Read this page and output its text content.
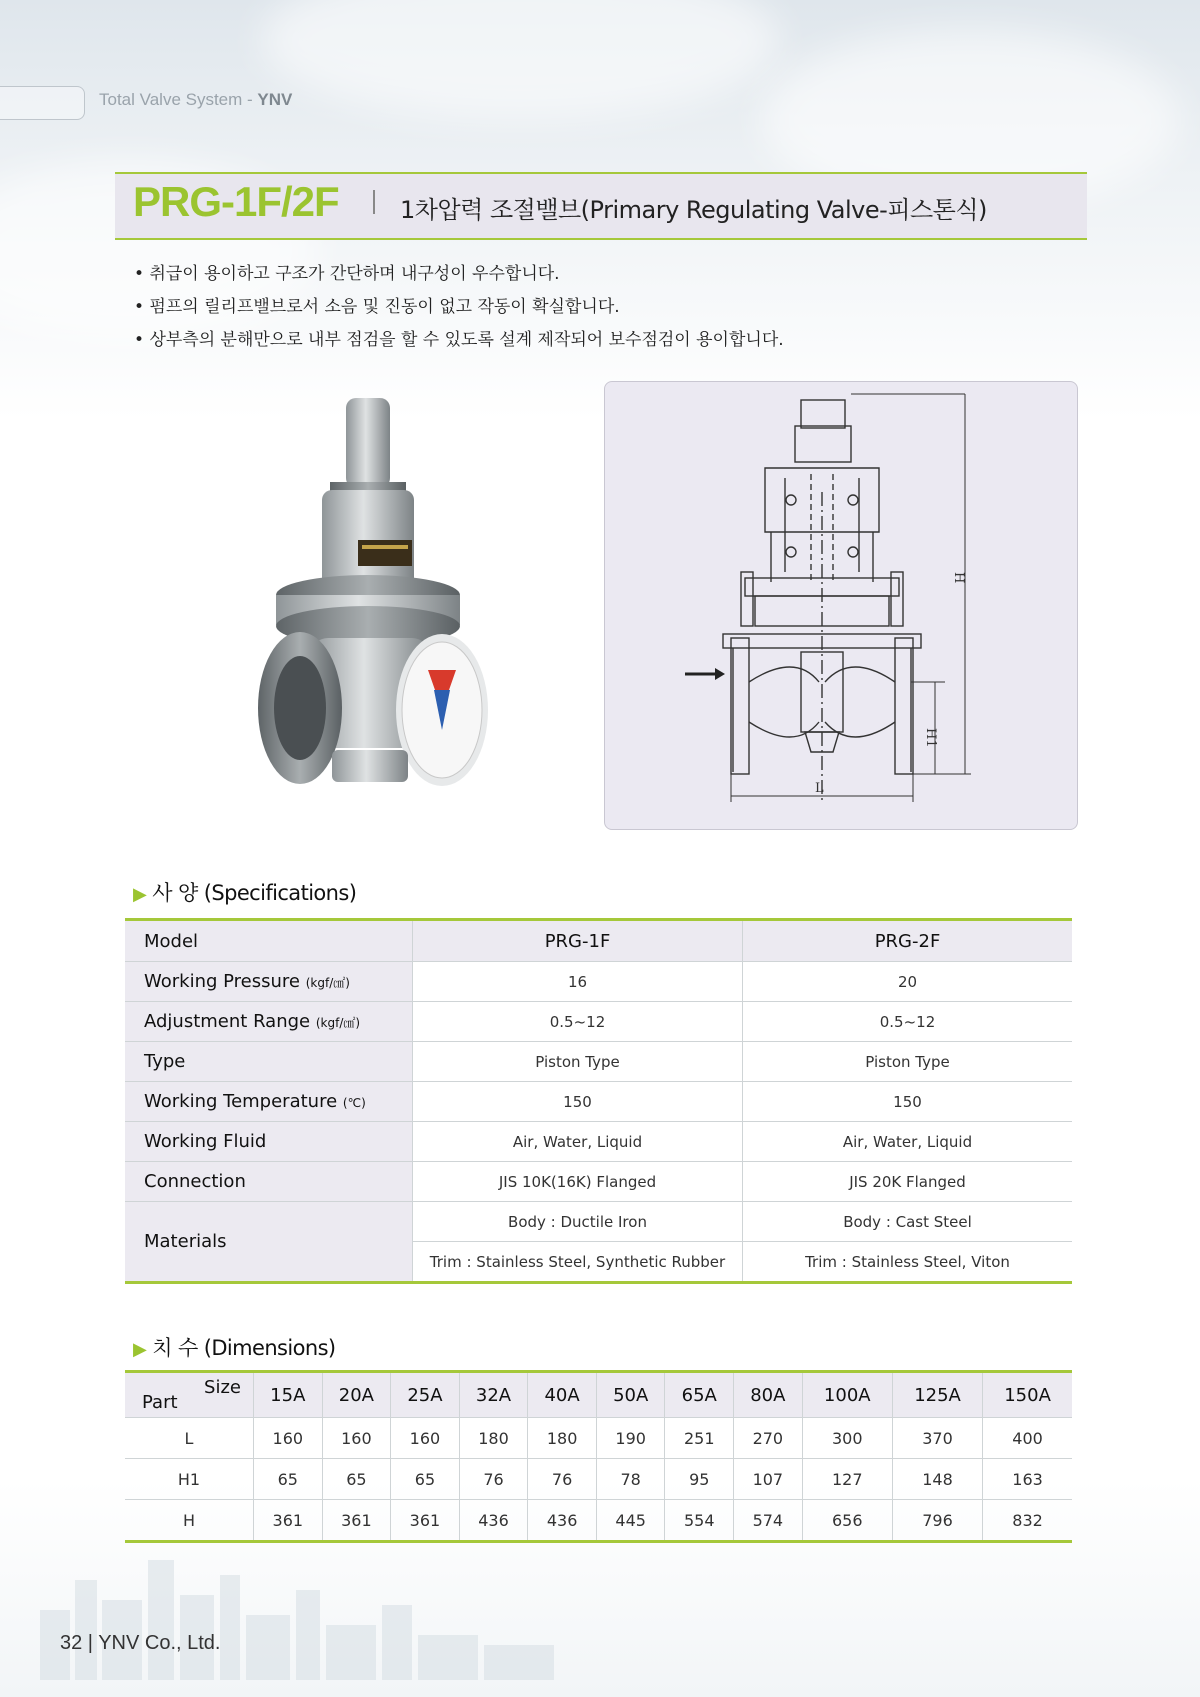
Total Valve System - YNV
PRG-1F/2F	1차압력 조절밸브(Primary Regulating Valve-피스톤식)
• 취급이 용이하고 구조가 간단하며 내구성이 우수합니다.
• 펌프의 릴리프밸브로서 소음 및 진동이 없고 작동이 확실합니다.
• 상부측의 분해만으로 내부 점검을 할 수 있도록 설계 제작되어 보수점검이 용이합니다.
H
H1
L
▶ 사 양 (Specifications)
Model	PRG-1F	PRG-2F
Working Pressure (kgf/㎠)	16	20
Adjustment Range (kgf/㎠)	0.5~12	0.5~12
Type	Piston Type	Piston Type
Working Temperature (℃)	150	150
Working Fluid	Air, Water, Liquid	Air, Water, Liquid
Connection	JIS 10K(16K) Flanged	JIS 20K Flanged
Materials	Body : Ductile Iron	Body : Cast Steel
	Trim : Stainless Steel, Synthetic Rubber	Trim : Stainless Steel, Viton
▶ 치 수 (Dimensions)
Size
Part	15A	20A	25A	32A	40A	50A	65A	80A	100A	125A	150A
L	160	160	160	180	180	190	251	270	300	370	400
H1	65	65	65	76	76	78	95	107	127	148	163
H	361	361	361	436	436	445	554	574	656	796	832
32 | YNV Co., Ltd.
